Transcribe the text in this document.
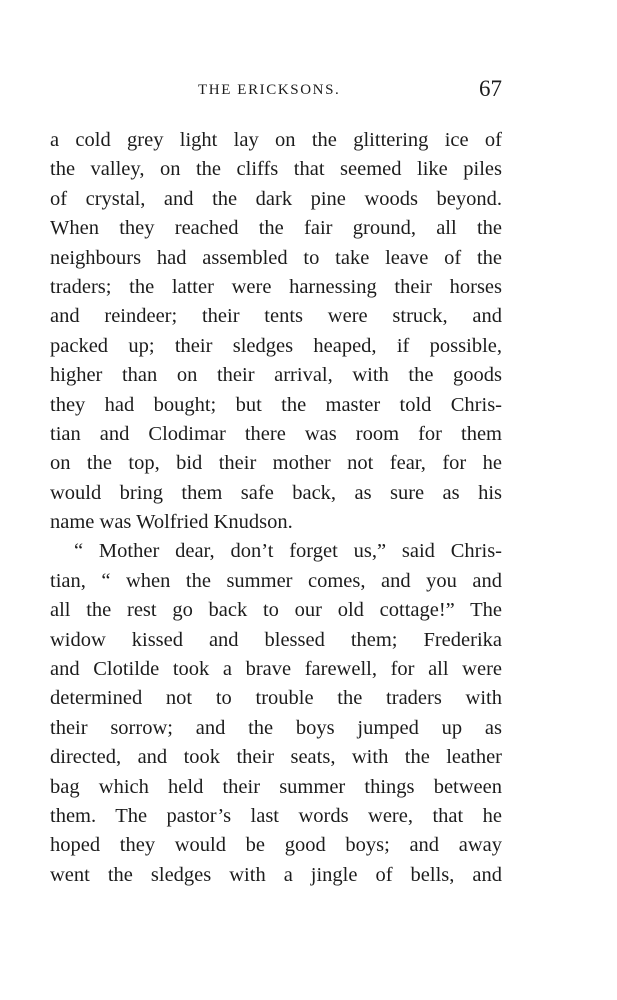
THE ERICKSONS.	67
a cold grey light lay on the glittering ice of
the valley, on the cliffs that seemed like piles
of crystal, and the dark pine woods beyond.
When they reached the fair ground, all the
neighbours had assembled to take leave of the
traders; the latter were harnessing their horses
and reindeer; their tents were struck, and
packed up; their sledges heaped, if possible,
higher than on their arrival, with the goods
they had bought; but the master told Chris-
tian and Clodimar there was room for them
on the top, bid their mother not fear, for he
would bring them safe back, as sure as his
name was Wolfried Knudson.
“ Mother dear, don’t forget us,” said Chris-
tian, “ when the summer comes, and you and
all the rest go back to our old cottage!” The
widow kissed and blessed them; Frederika
and Clotilde took a brave farewell, for all were
determined not to trouble the traders with
their sorrow; and the boys jumped up as
directed, and took their seats, with the leather
bag which held their summer things between
them. The pastor’s last words were, that he
hoped they would be good boys; and away
went the sledges with a jingle of bells, and
